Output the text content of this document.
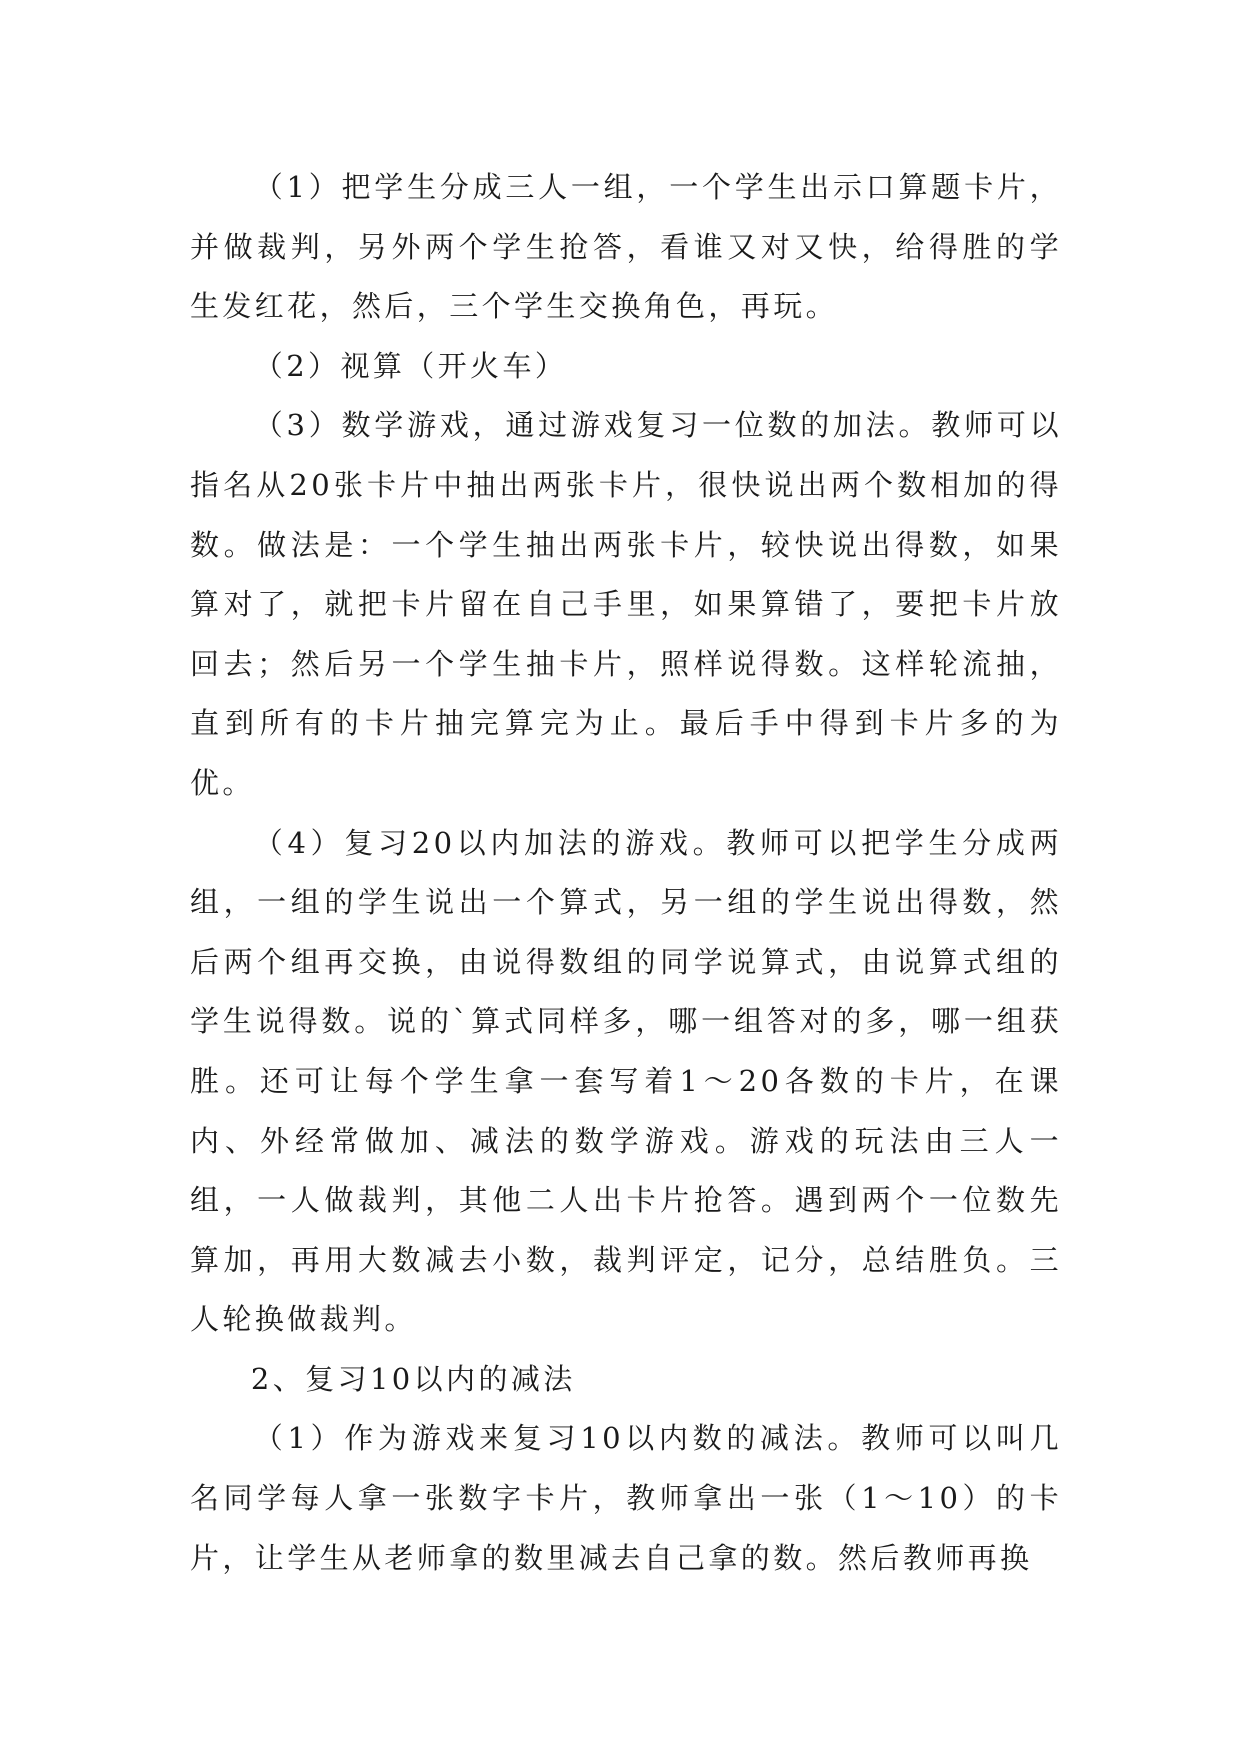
（1）把学生分成三人一组，一个学生出示口算题卡片，并做裁判，另外两个学生抢答，看谁又对又快，给得胜的学生发红花，然后，三个学生交换角色，再玩。

（2）视算（开火车）

（3）数学游戏，通过游戏复习一位数的加法。教师可以指名从20张卡片中抽出两张卡片，很快说出两个数相加的得数。做法是：一个学生抽出两张卡片，较快说出得数，如果算对了，就把卡片留在自己手里，如果算错了，要把卡片放回去；然后另一个学生抽卡片，照样说得数。这样轮流抽，直到所有的卡片抽完算完为止。最后手中得到卡片多的为优。

（4）复习20以内加法的游戏。教师可以把学生分成两组，一组的学生说出一个算式，另一组的学生说出得数，然后两个组再交换，由说得数组的同学说算式，由说算式组的学生说得数。说的`算式同样多，哪一组答对的多，哪一组获胜。还可让每个学生拿一套写着1～20各数的卡片，在课内、外经常做加、减法的数学游戏。游戏的玩法由三人一组，一人做裁判，其他二人出卡片抢答。遇到两个一位数先算加，再用大数减去小数，裁判评定，记分，总结胜负。三人轮换做裁判。

2、复习10以内的减法

（1）作为游戏来复习10以内数的减法。教师可以叫几名同学每人拿一张数字卡片，教师拿出一张（1～10）的卡片，让学生从老师拿的数里减去自己拿的数。然后教师再换
